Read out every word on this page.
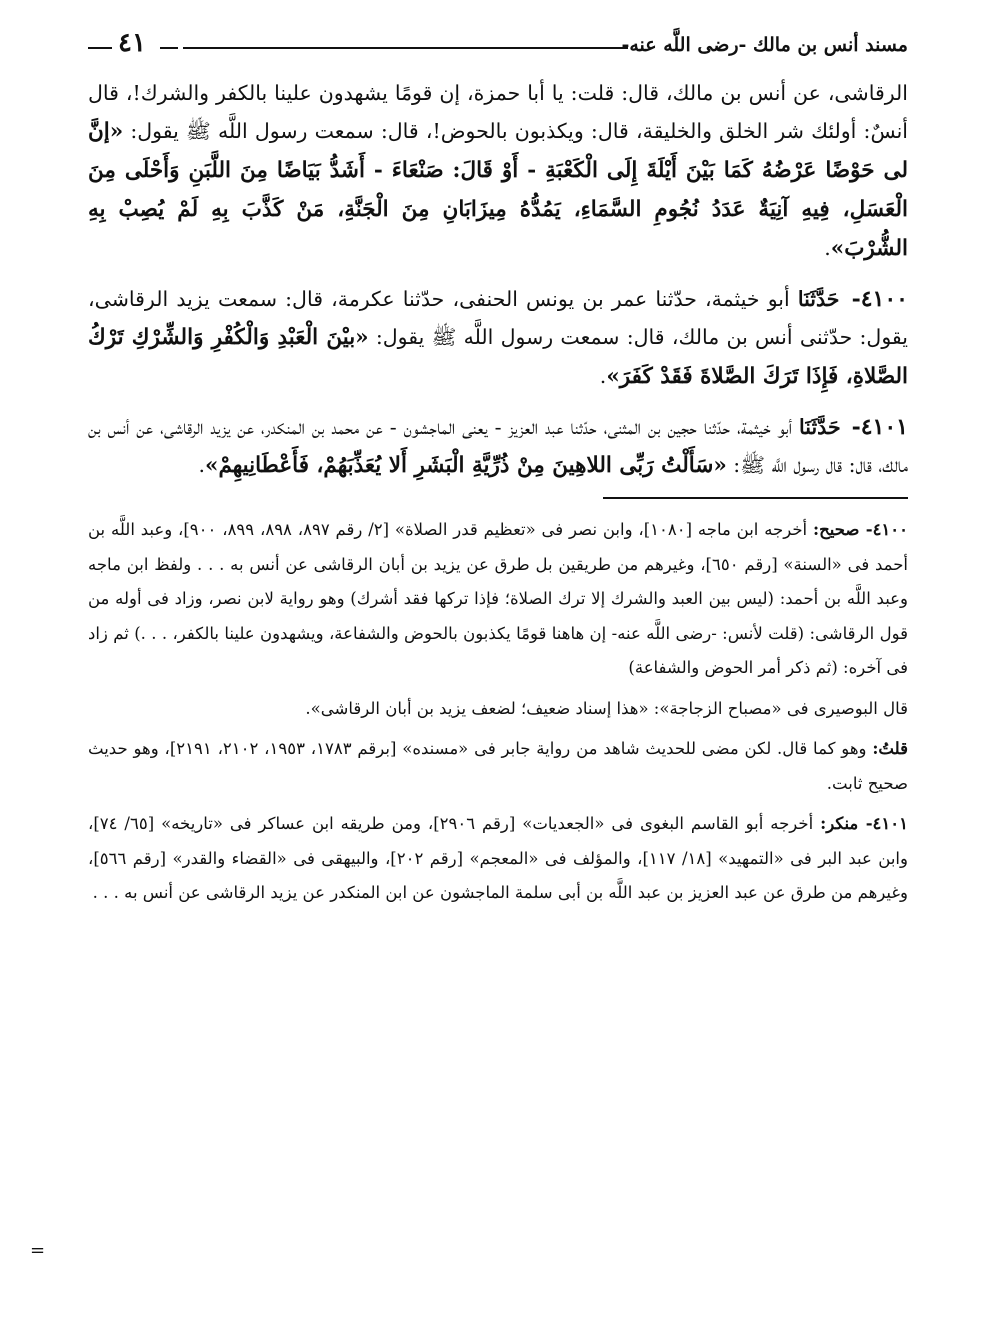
مسند أنس بن مالك -رضى اللَّه عنه-
٤١

الرقاشى، عن أنس بن مالك، قال: قلت: يا أبا حمزة، إن قومًا يشهدون علينا بالكفر والشرك!، قال أنسٌ: أولئك شر الخلق والخليقة، قال: ويكذبون بالحوض!، قال: سمعت رسول اللَّه ﷺ يقول: «إنَّ لى حَوْضًا عَرْضُهُ كَمَا بَيْنَ أَيْلَةَ إِلَى الْكَعْبَةِ - أَوْ قَالَ: صَنْعَاءَ - أَشَدُّ بَيَاضًا مِنَ اللَّبَنِ وَأَحْلَى مِنَ الْعَسَلِ، فِيهِ آنِيَةٌ عَدَدُ نُجُومِ السَّمَاءِ، يَمُدُّهُ مِيزَابَانِ مِنَ الْجَنَّةِ، مَنْ كَذَّبَ بِهِ لَمْ يُصِبْ بِهِ الشُّرْبَ».

٤١٠٠- حَدَّثَنَا أبو خيثمة، حدّثنا عمر بن يونس الحنفى، حدّثنا عكرمة، قال: سمعت يزيد الرقاشى، يقول: حدّثنى أنس بن مالك، قال: سمعت رسول اللَّه ﷺ يقول: «بيْنَ الْعَبْدِ وَالْكُفْرِ وَالشِّرْكِ تَرْكُ الصَّلاةِ، فَإِذَا تَرَكَ الصَّلاةَ فَقَدْ كَفَرَ».

٤١٠١- حَدَّثَنَا أبو خيثمة، حدّثنا حجين بن المثنى، حدّثنا عبد العزيز - يعنى الماجشون - عن محمد بن المنكدر، عن يزيد الرقاشى، عن أنس بن مالك، قال: قال رسول اللَّه ﷺ: «سَأَلْتُ رَبِّى اللاهِينَ مِنْ ذُرِّيَّةِ الْبَشَرِ أَلا يُعَذِّبَهُمْ، فَأَعْطَانِيهِمْ».

٤١٠٠- صحيح: أخرجه ابن ماجه [١٠٨٠]، وابن نصر فى «تعظيم قدر الصلاة» [٢/ رقم ٨٩٧، ٨٩٨، ٨٩٩، ٩٠٠]، وعبد اللَّه بن أحمد فى «السنة» [رقم ٦٥٠]، وغيرهم من طريقين بل طرق عن يزيد بن أبان الرقاشى عن أنس به . . . ولفظ ابن ماجه وعبد اللَّه بن أحمد: (ليس بين العبد والشرك إلا ترك الصلاة؛ فإذا تركها فقد أشرك) وهو رواية لابن نصر، وزاد فى أوله من قول الرقاشى: (قلت لأنس: -رضى اللَّه عنه- إن هاهنا قومًا يكذبون بالحوض والشفاعة، ويشهدون علينا بالكفر، . . .) ثم زاد فى آخره: (ثم ذكر أمر الحوض والشفاعة)

قال البوصيرى فى «مصباح الزجاجة»: «هذا إسناد ضعيف؛ لضعف يزيد بن أبان الرقاشى».

قلتُ: وهو كما قال. لكن مضى للحديث شاهد من رواية جابر فى «مسنده» [برقم ١٧٨٣، ١٩٥٣، ٢١٠٢، ٢١٩١]، وهو حديث صحيح ثابت.

٤١٠١- منكر: أخرجه أبو القاسم البغوى فى «الجعديات» [رقم ٢٩٠٦]، ومن طريقه ابن عساكر فى «تاريخه» [٦٥/ ٧٤]، وابن عبد البر فى «التمهيد» [١٨/ ١١٧]، والمؤلف فى «المعجم» [رقم ٢٠٢]، والبيهقى فى «القضاء والقدر» [رقم ٥٦٦]، وغيرهم من طرق عن عبد العزيز بن عبد اللَّه بن أبى سلمة الماجشون عن ابن المنكدر عن يزيد الرقاشى عن أنس به . . .

=
